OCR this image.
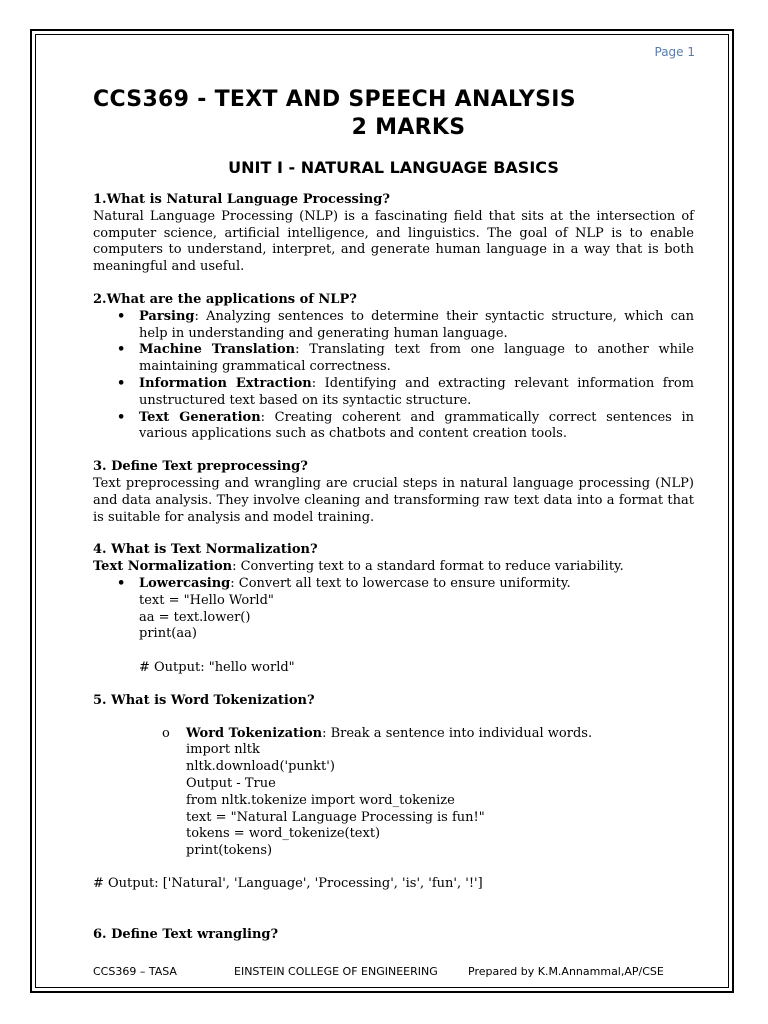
Page 1
CCS369 - TEXT AND SPEECH ANALYSIS
2 MARKS
UNIT I - NATURAL LANGUAGE BASICS
1.What is Natural Language Processing?

Natural Language Processing (NLP) is a fascinating field that sits at the intersection of computer science, artificial intelligence, and linguistics. The goal of NLP is to enable computers to understand, interpret, and generate human language in a way that is both meaningful and useful.

2.What are the applications of NLP?
• Parsing: Analyzing sentences to determine their syntactic structure, which can help in understanding and generating human language.
• Machine Translation: Translating text from one language to another while maintaining grammatical correctness.
• Information Extraction: Identifying and extracting relevant information from unstructured text based on its syntactic structure.
• Text Generation: Creating coherent and grammatically correct sentences in various applications such as chatbots and content creation tools.
3. Define Text preprocessing?

Text preprocessing and wrangling are crucial steps in natural language processing (NLP) and data analysis. They involve cleaning and transforming raw text data into a format that is suitable for analysis and model training.

4. What is Text Normalization?

Text Normalization: Converting text to a standard format to reduce variability.

• Lowercasing: Convert all text to lowercase to ensure uniformity.
text = "Hello World"
aa = text.lower()
print(aa)
# Output: "hello world"
5. What is Word Tokenization?
o Word Tokenization: Break a sentence into individual words.
import nltk
nltk.download('punkt')
Output - True
from nltk.tokenize import word_tokenize
text = "Natural Language Processing is fun!"
tokens = word_tokenize(text)
print(tokens)
# Output: ['Natural', 'Language', 'Processing', 'is', 'fun', '!']
6. Define Text wrangling?
CCS369 – TASA	EINSTEIN COLLEGE OF ENGINEERING	Prepared by K.M.Annammal,AP/CSE
